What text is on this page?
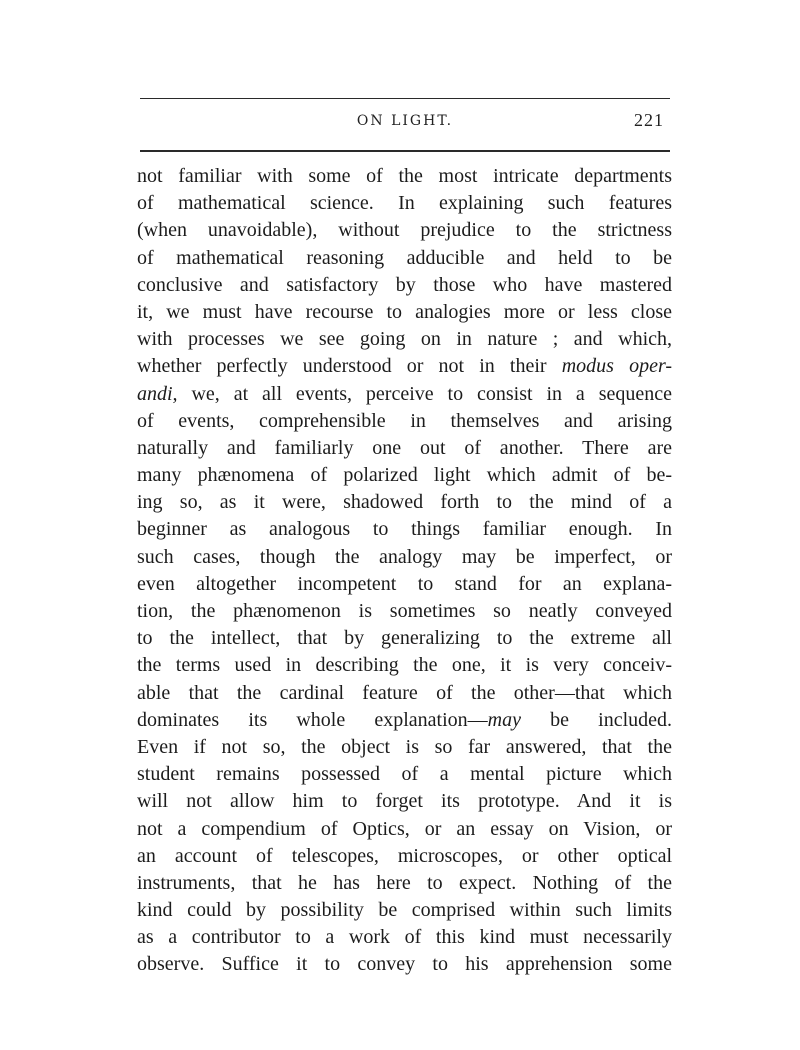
ON LIGHT.	221
not familiar with some of the most intricate departments
of mathematical science. In explaining such features
(when unavoidable), without prejudice to the strictness
of mathematical reasoning adducible and held to be
conclusive and satisfactory by those who have mastered
it, we must have recourse to analogies more or less close
with processes we see going on in nature ; and which,
whether perfectly understood or not in their modus oper-
andi, we, at all events, perceive to consist in a sequence
of events, comprehensible in themselves and arising
naturally and familiarly one out of another. There are
many phænomena of polarized light which admit of be-
ing so, as it were, shadowed forth to the mind of a
beginner as analogous to things familiar enough. In
such cases, though the analogy may be imperfect, or
even altogether incompetent to stand for an explana-
tion, the phænomenon is sometimes so neatly conveyed
to the intellect, that by generalizing to the extreme all
the terms used in describing the one, it is very conceiv-
able that the cardinal feature of the other—that which
dominates its whole explanation—may be included.
Even if not so, the object is so far answered, that the
student remains possessed of a mental picture which
will not allow him to forget its prototype. And it is
not a compendium of Optics, or an essay on Vision, or
an account of telescopes, microscopes, or other optical
instruments, that he has here to expect. Nothing of the
kind could by possibility be comprised within such limits
as a contributor to a work of this kind must necessarily
observe. Suffice it to convey to his apprehension some
